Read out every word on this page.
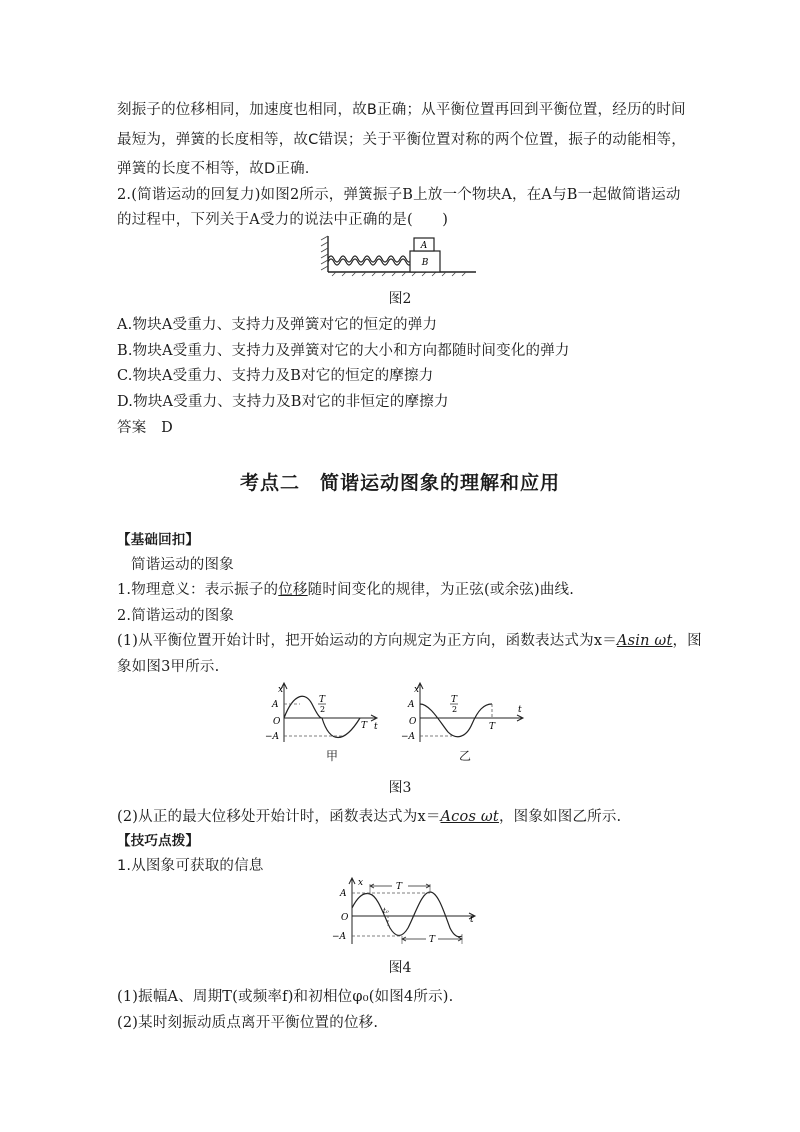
刻振子的位移相同，加速度也相同，故B正确；从平衡位置再回到平衡位置，经历的时间
最短为，弹簧的长度相等，故C错误；关于平衡位置对称的两个位置，振子的动能相等，
弹簧的长度不相等，故D正确.
2.(简谐运动的回复力)如图2所示，弹簧振子B上放一个物块A，在A与B一起做简谐运动
的过程中，下列关于A受力的说法中正确的是(　　)
A
B
图2
A.物块A受重力、支持力及弹簧对它的恒定的弹力
B.物块A受重力、支持力及弹簧对它的大小和方向都随时间变化的弹力
C.物块A受重力、支持力及B对它的恒定的摩擦力
D.物块A受重力、支持力及B对它的非恒定的摩擦力
答案　D
考点二　简谐运动图象的理解和应用
【基础回扣】
简谐运动的图象
1.物理意义：表示振子的位移随时间变化的规律，为正弦(或余弦)曲线.
2.简谐运动的图象
(1)从平衡位置开始计时，把开始运动的方向规定为正方向，函数表达式为x＝Asin ωt，图
象如图3甲所示.
x
t
A
O
−A
T
2
T
甲
x
t
A
O
−A
T
2
T
乙
图3
(2)从正的最大位移处开始计时，函数表达式为x＝Acos ωt，图象如图乙所示.
【技巧点拨】
1.从图象可获取的信息
x
t
A
O
−A
T
T
t₀
图4
(1)振幅A、周期T(或频率f)和初相位φ₀(如图4所示).
(2)某时刻振动质点离开平衡位置的位移.
